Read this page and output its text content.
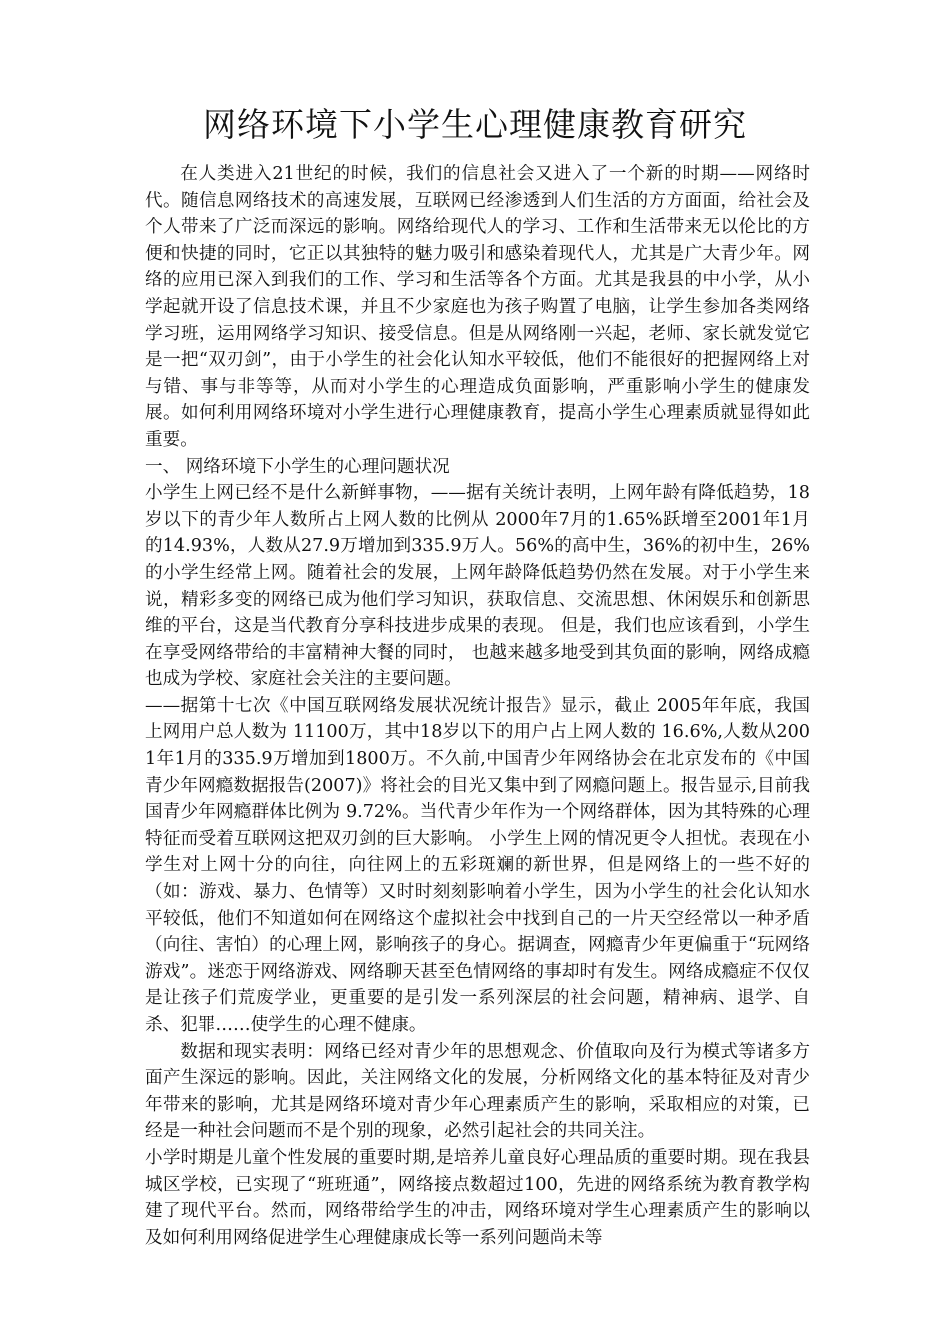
网络环境下小学生心理健康教育研究

在人类进入21世纪的时候，我们的信息社会又进入了一个新的时期——网络时代。随信息网络技术的高速发展，互联网已经渗透到人们生活的方方面面，给社会及个人带来了广泛而深远的影响。网络给现代人的学习、工作和生活带来无以伦比的方便和快捷的同时，它正以其独特的魅力吸引和感染着现代人，尤其是广大青少年。网络的应用已深入到我们的工作、学习和生活等各个方面。尤其是我县的中小学，从小学起就开设了信息技术课，并且不少家庭也为孩子购置了电脑，让学生参加各类网络学习班，运用网络学习知识、接受信息。但是从网络刚一兴起，老师、家长就发觉它是一把“双刃剑”，由于小学生的社会化认知水平较低，他们不能很好的把握网络上对与错、事与非等等，从而对小学生的心理造成负面影响，严重影响小学生的健康发展。如何利用网络环境对小学生进行心理健康教育，提高小学生心理素质就显得如此重要。

一、 网络环境下小学生的心理问题状况

小学生上网已经不是什么新鲜事物，——据有关统计表明，上网年龄有降低趋势，18岁以下的青少年人数所占上网人数的比例从 2000年7月的1.65%跃增至2001年1月的14.93%，人数从27.9万增加到335.9万人。56%的高中生，36%的初中生，26%的小学生经常上网。随着社会的发展，上网年龄降低趋势仍然在发展。对于小学生来说，精彩多变的网络已成为他们学习知识，获取信息、交流思想、休闲娱乐和创新思维的平台，这是当代教育分享科技进步成果的表现。 但是，我们也应该看到，小学生在享受网络带给的丰富精神大餐的同时， 也越来越多地受到其负面的影响，网络成瘾也成为学校、家庭社会关注的主要问题。

——据第十七次《中国互联网络发展状况统计报告》显示，截止 2005年年底，我国上网用户总人数为 11100万，其中18岁以下的用户占上网人数的 16.6%,人数从2001年1月的335.9万增加到1800万。不久前,中国青少年网络协会在北京发布的《中国青少年网瘾数据报告(2007)》将社会的目光又集中到了网瘾问题上。报告显示,目前我国青少年网瘾群体比例为 9.72%。当代青少年作为一个网络群体，因为其特殊的心理特征而受着互联网这把双刃剑的巨大影响。 小学生上网的情况更令人担忧。表现在小学生对上网十分的向往，向往网上的五彩斑斓的新世界，但是网络上的一些不好的（如：游戏、暴力、色情等）又时时刻刻影响着小学生，因为小学生的社会化认知水平较低，他们不知道如何在网络这个虚拟社会中找到自己的一片天空经常以一种矛盾（向往、害怕）的心理上网，影响孩子的身心。据调查，网瘾青少年更偏重于“玩网络游戏”。迷恋于网络游戏、网络聊天甚至色情网络的事却时有发生。网络成瘾症不仅仅是让孩子们荒废学业，更重要的是引发一系列深层的社会问题，精神病、退学、自杀、犯罪……使学生的心理不健康。

数据和现实表明：网络已经对青少年的思想观念、价值取向及行为模式等诸多方面产生深远的影响。因此，关注网络文化的发展，分析网络文化的基本特征及对青少年带来的影响，尤其是网络环境对青少年心理素质产生的影响，采取相应的对策，已经是一种社会问题而不是个别的现象，必然引起社会的共同关注。

小学时期是儿童个性发展的重要时期,是培养儿童良好心理品质的重要时期。现在我县城区学校，已实现了“班班通”，网络接点数超过100，先进的网络系统为教育教学构建了现代平台。然而，网络带给学生的冲击，网络环境对学生心理素质产生的影响以及如何利用网络促进学生心理健康成长等一系列问题尚未等
